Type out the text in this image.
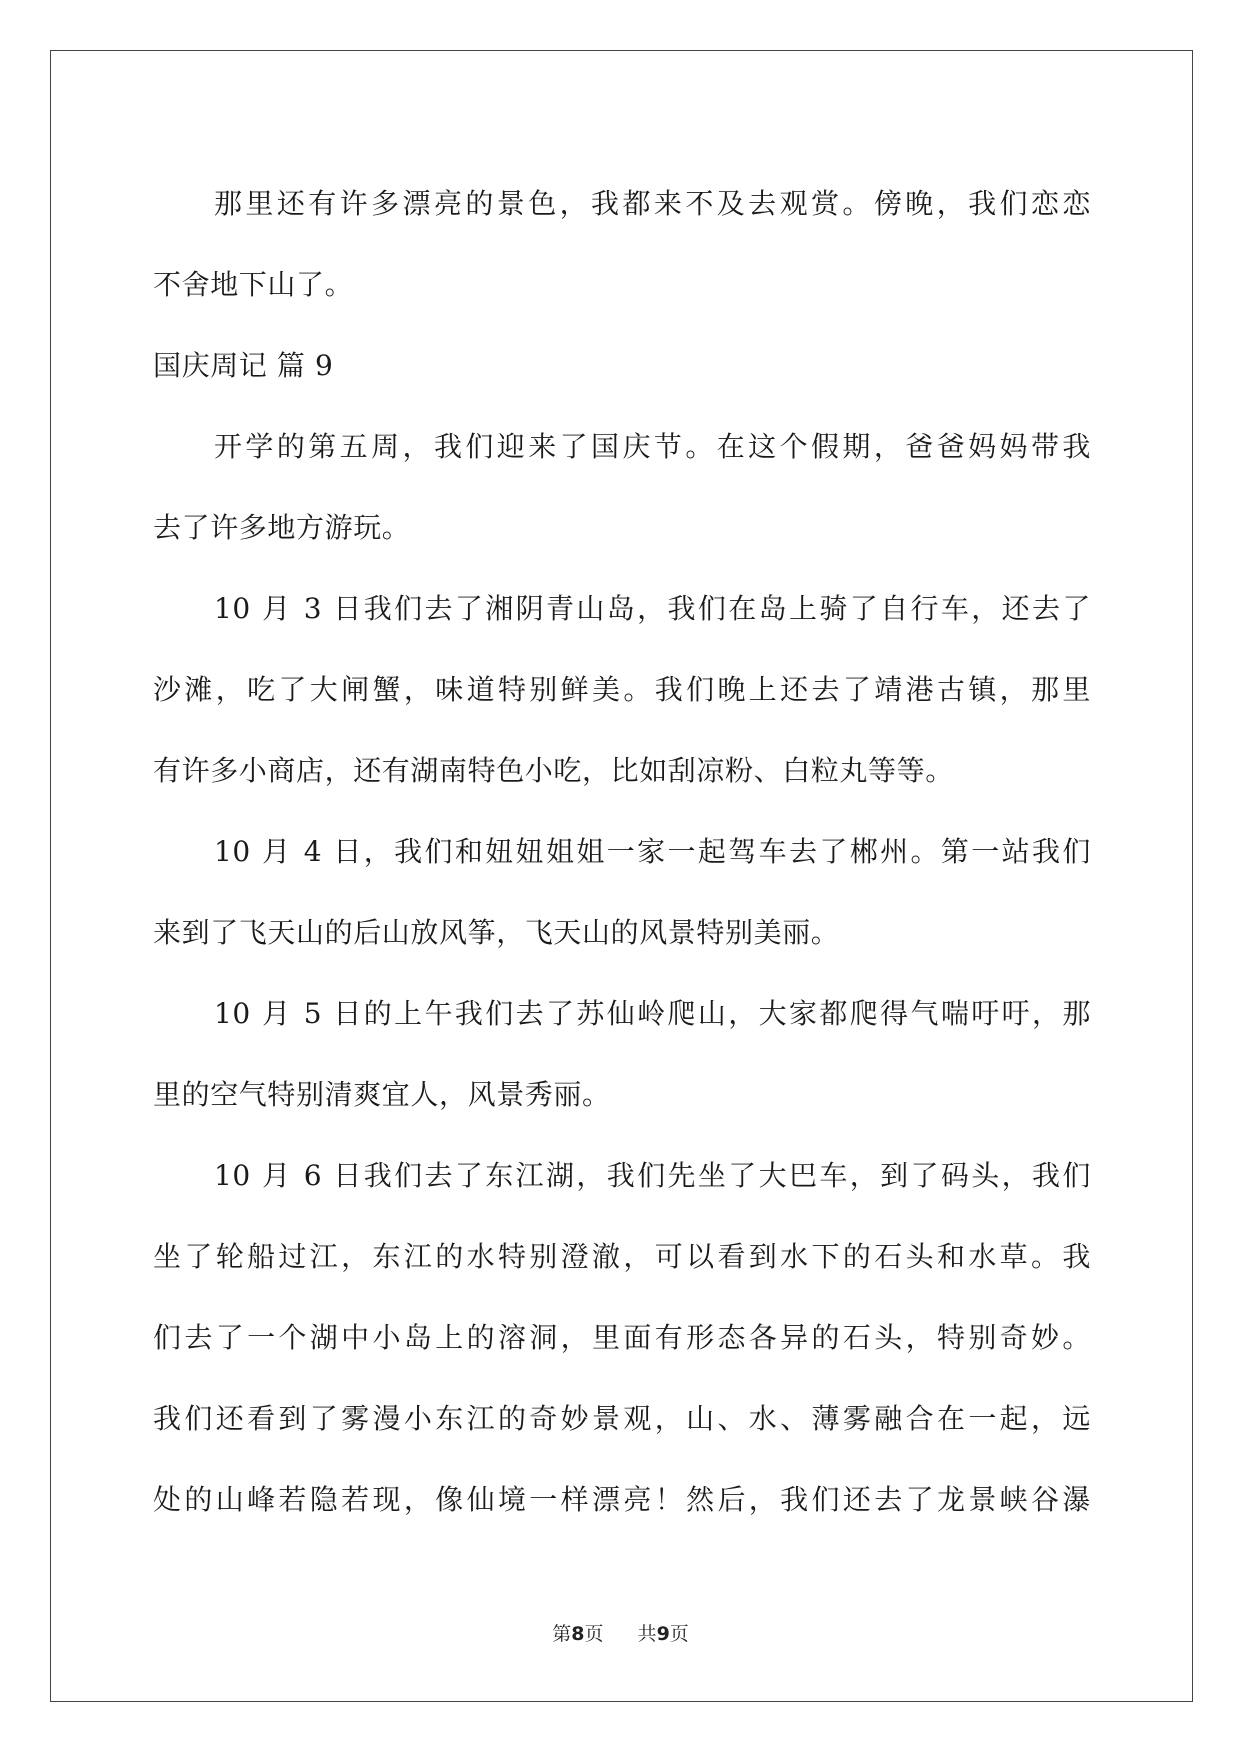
那里还有许多漂亮的景色，我都来不及去观赏。傍晚，我们恋恋

不舍地下山了。

国庆周记 篇 9

开学的第五周，我们迎来了国庆节。在这个假期，爸爸妈妈带我

去了许多地方游玩。

10 月 3 日我们去了湘阴青山岛，我们在岛上骑了自行车，还去了

沙滩，吃了大闸蟹，味道特别鲜美。我们晚上还去了靖港古镇，那里

有许多小商店，还有湖南特色小吃，比如刮凉粉、白粒丸等等。

10 月 4 日，我们和妞妞姐姐一家一起驾车去了郴州。第一站我们

来到了飞天山的后山放风筝，飞天山的风景特别美丽。

10 月 5 日的上午我们去了苏仙岭爬山，大家都爬得气喘吁吁，那

里的空气特别清爽宜人，风景秀丽。

10 月 6 日我们去了东江湖，我们先坐了大巴车，到了码头，我们

坐了轮船过江，东江的水特别澄澈，可以看到水下的石头和水草。我

们去了一个湖中小岛上的溶洞，里面有形态各异的石头，特别奇妙。

我们还看到了雾漫小东江的奇妙景观，山、水、薄雾融合在一起，远

处的山峰若隐若现，像仙境一样漂亮！然后，我们还去了龙景峡谷瀑

第8页 共9页
